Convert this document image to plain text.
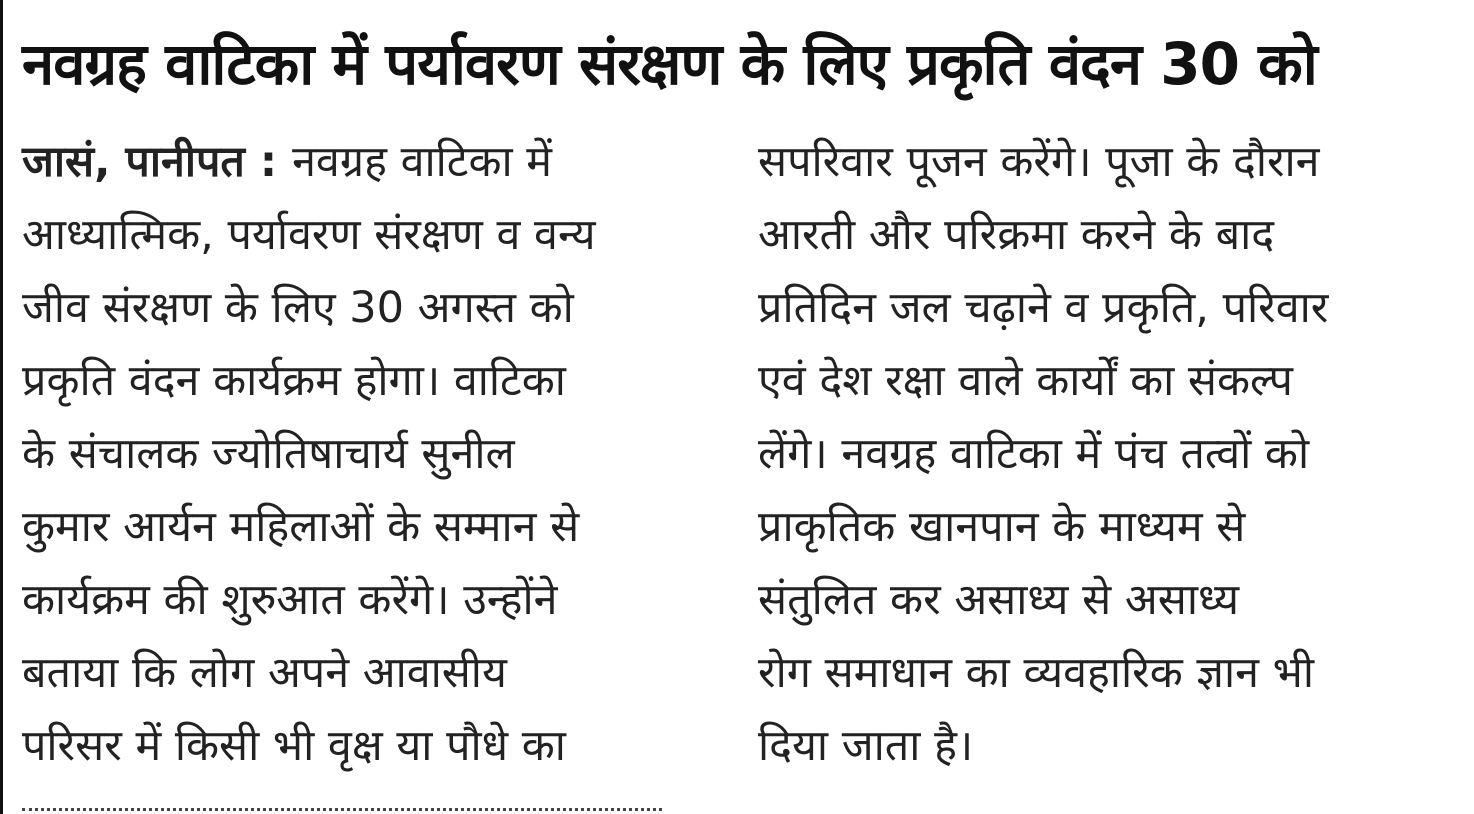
नवग्रह वाटिका में पर्यावरण संरक्षण के लिए प्रकृति वंदन 30 को
जासं, पानीपत : नवग्रह वाटिका में
आध्यात्मिक, पर्यावरण संरक्षण व वन्य
जीव संरक्षण के लिए 30 अगस्त को
प्रकृति वंदन कार्यक्रम होगा। वाटिका
के संचालक ज्योतिषाचार्य सुनील
कुमार आर्यन महिलाओं के सम्मान से
कार्यक्रम की शुरुआत करेंगे। उन्होंने
बताया कि लोग अपने आवासीय
परिसर में किसी भी वृक्ष या पौधे का
सपरिवार पूजन करेंगे। पूजा के दौरान
आरती और परिक्रमा करने के बाद
प्रतिदिन जल चढ़ाने व प्रकृति, परिवार
एवं देश रक्षा वाले कार्यों का संकल्प
लेंगे। नवग्रह वाटिका में पंच तत्वों को
प्राकृतिक खानपान के माध्यम से
संतुलित कर असाध्य से असाध्य
रोग समाधान का व्यवहारिक ज्ञान भी
दिया जाता है।
